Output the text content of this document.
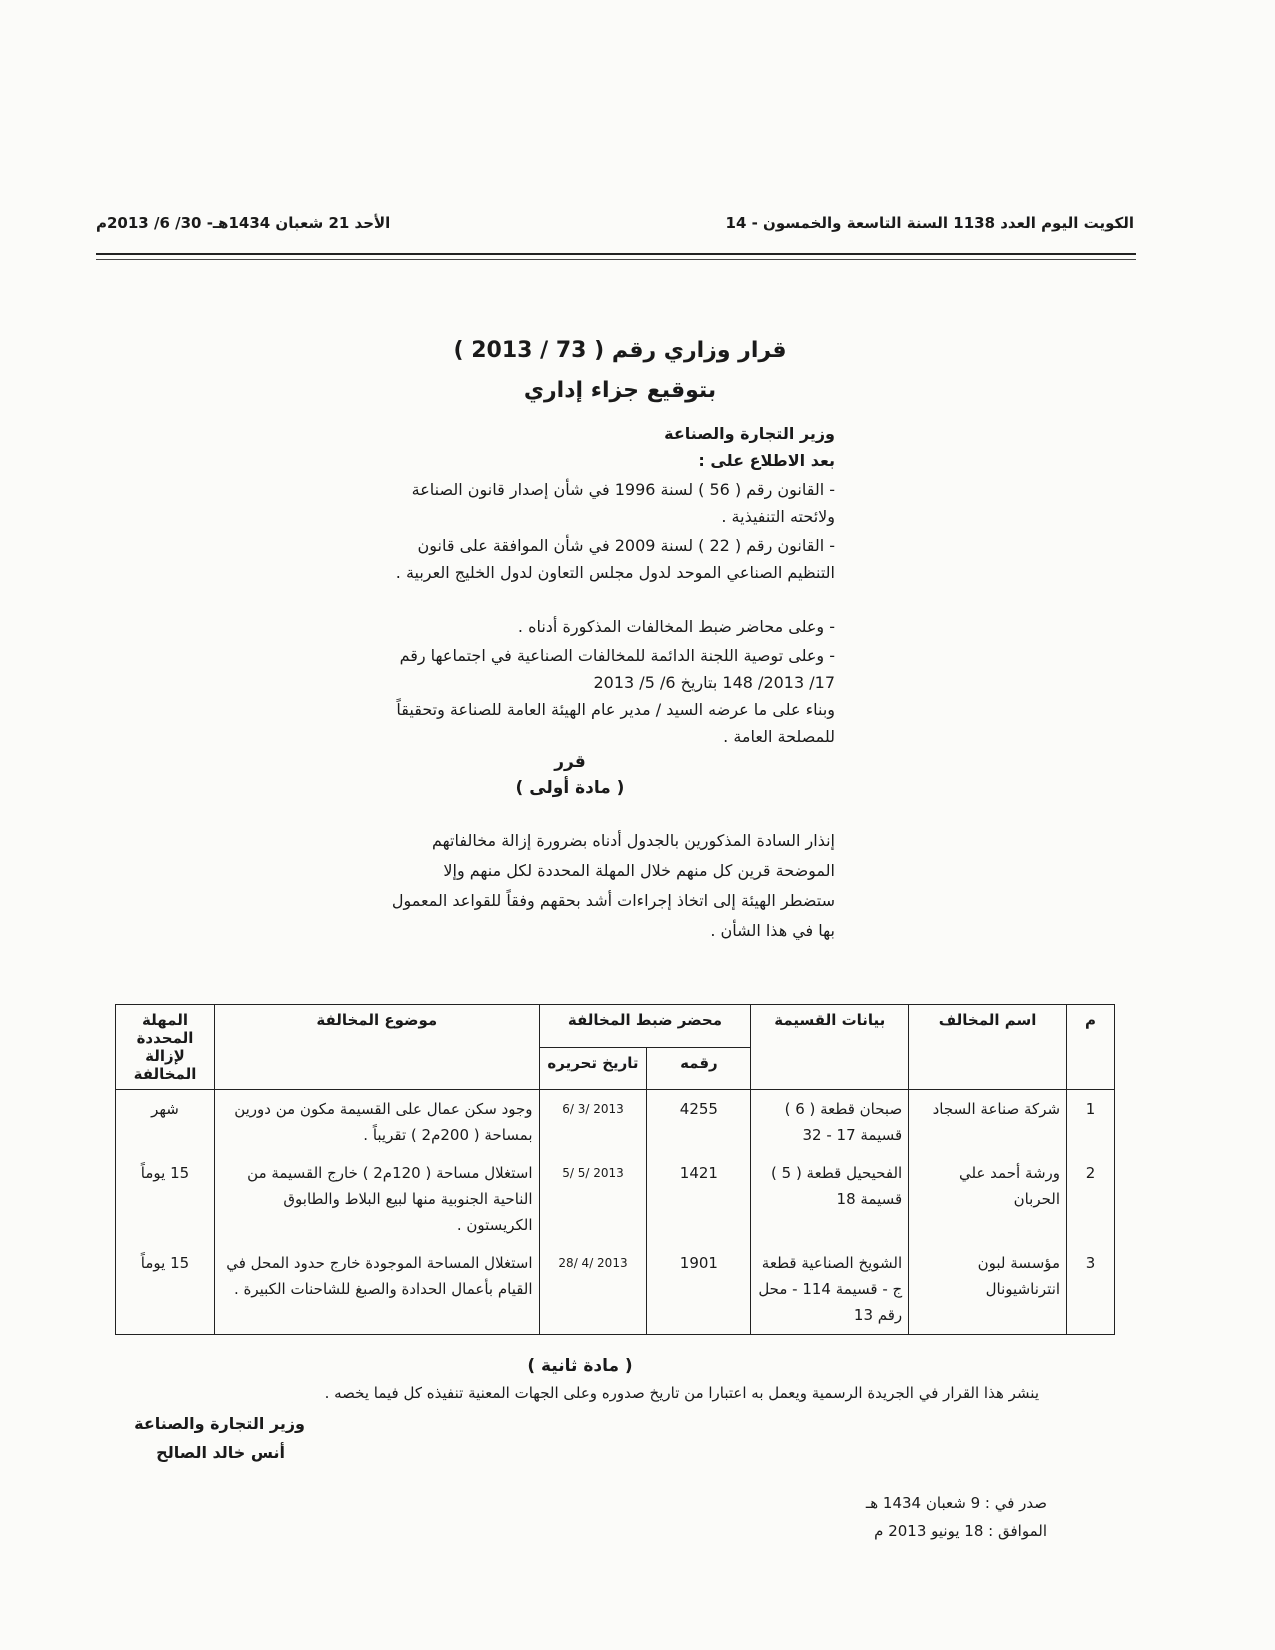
الكويت اليوم العدد 1138 السنة التاسعة والخمسون - 14
الأحد 21 شعبان 1434هـ- 30/ 6/ 2013م
قرار وزاري رقم ( 73 / 2013 )
بتوقيع جزاء إداري
وزير التجارة والصناعة
بعد الاطلاع على :
- القانون رقم ( 56 ) لسنة 1996 في شأن إصدار قانون الصناعة ولائحته التنفيذية .
- القانون رقم ( 22 ) لسنة 2009 في شأن الموافقة على قانون التنظيم الصناعي الموحد لدول مجلس التعاون لدول الخليج العربية .
- وعلى محاضر ضبط المخالفات المذكورة أدناه .
- وعلى توصية اللجنة الدائمة للمخالفات الصناعية في اجتماعها رقم 17/ 2013/ 148 بتاريخ 6/ 5/ 2013
وبناء على ما عرضه السيد / مدير عام الهيئة العامة للصناعة وتحقيقاً للمصلحة العامة .
قرر
( مادة أولى )
إنذار السادة المذكورين بالجدول أدناه بضرورة إزالة مخالفاتهم الموضحة قرين كل منهم خلال المهلة المحددة لكل منهم وإلا ستضطر الهيئة إلى اتخاذ إجراءات أشد بحقهم وفقاً للقواعد المعمول بها في هذا الشأن .
م	اسم المخالف	بيانات القسيمة	محضر ضبط المخالفة		موضوع المخالفة	المهلة المحددة لإزالة المخالفة
			رقمه	تاريخ تحريره		
1	شركة صناعة السجاد	صبحان قطعة ( 6 ) قسيمة 17 - 32	4255	2013 /3 /6	وجود سكن عمال على القسيمة مكون من دورين بمساحة ( 200م2 ) تقريباً .	شهر
2	ورشة أحمد علي الحربان	الفحيحيل قطعة ( 5 ) قسيمة 18	1421	2013 /5 /5	استغلال مساحة ( 120م2 ) خارج القسيمة من الناحية الجنوبية منها لبيع البلاط والطابوق الكريستون .	15 يوماً
3	مؤسسة لبون انترناشيونال	الشويخ الصناعية قطعة ج - قسيمة 114 - محل رقم 13	1901	2013 /4 /28	استغلال المساحة الموجودة خارج حدود المحل في القيام بأعمال الحدادة والصبغ للشاحنات الكبيرة .	15 يوماً
( مادة ثانية )
ينشر هذا القرار في الجريدة الرسمية ويعمل به اعتبارا من تاريخ صدوره وعلى الجهات المعنية تنفيذه كل فيما يخصه .
وزير التجارة والصناعة
أنس خالد الصالح
صدر في : 9 شعبان 1434 هـ
الموافق : 18 يونيو 2013 م
